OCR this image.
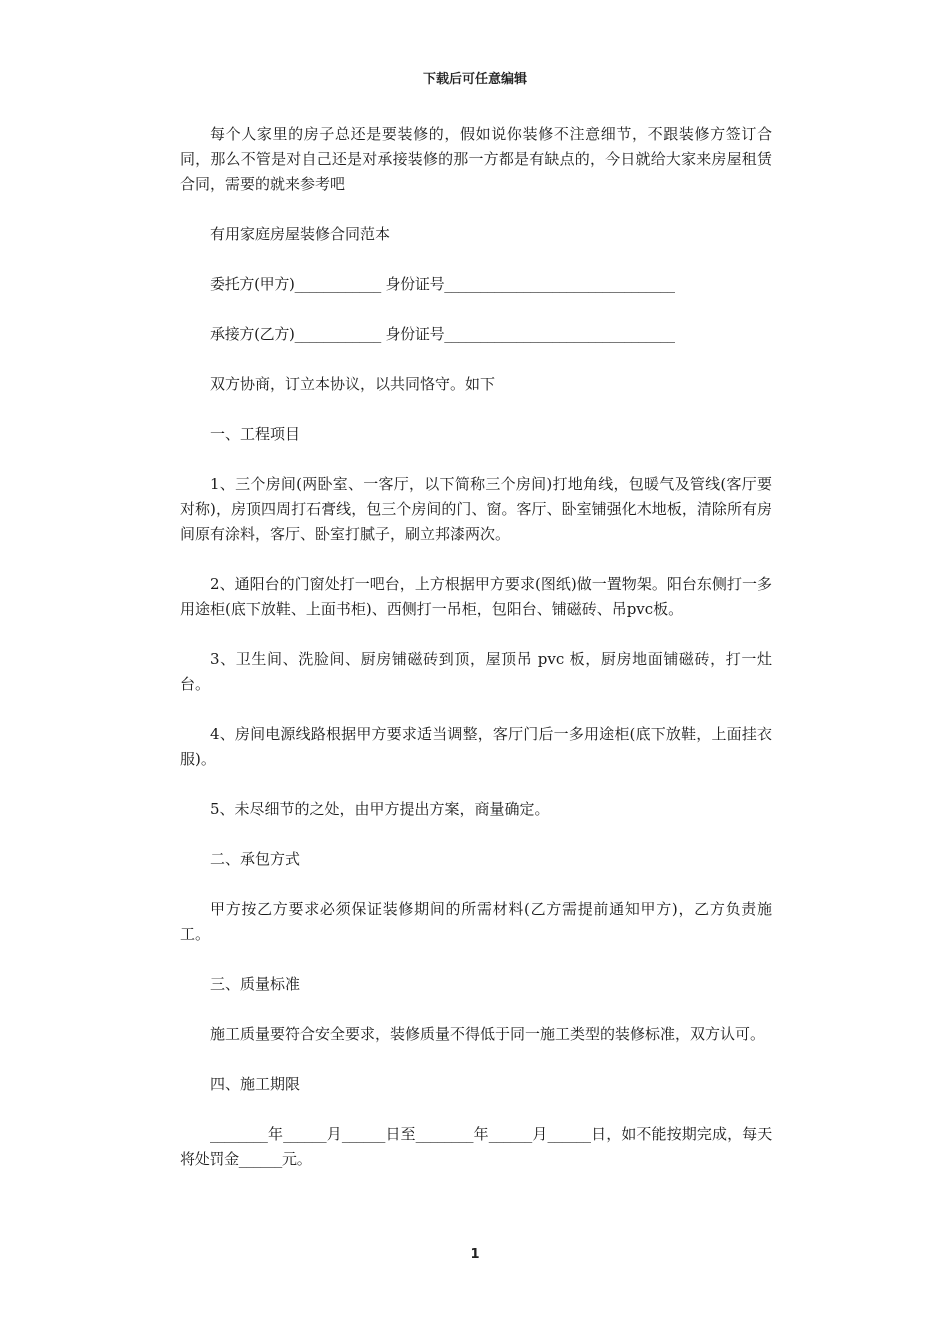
下载后可任意编辑

每个人家里的房子总还是要装修的，假如说你装修不注意细节，不跟装修方签订合同，那么不管是对自己还是对承接装修的那一方都是有缺点的，今日就给大家来房屋租赁合同，需要的就来参考吧

有用家庭房屋装修合同范本

委托方(甲方)____________ 身份证号________________________________

承接方(乙方)____________ 身份证号________________________________

双方协商，订立本协议，以共同恪守。如下

一、工程项目

1、三个房间(两卧室、一客厅，以下简称三个房间)打地角线，包暖气及管线(客厅要对称)，房顶四周打石膏线，包三个房间的门、窗。客厅、卧室铺强化木地板，清除所有房间原有涂料，客厅、卧室打腻子，刷立邦漆两次。

2、通阳台的门窗处打一吧台，上方根据甲方要求(图纸)做一置物架。阳台东侧打一多用途柜(底下放鞋、上面书柜)、西侧打一吊柜，包阳台、铺磁砖、吊pvc板。

3、卫生间、洗脸间、厨房铺磁砖到顶，屋顶吊 pvc 板，厨房地面铺磁砖，打一灶台。

4、房间电源线路根据甲方要求适当调整，客厅门后一多用途柜(底下放鞋，上面挂衣服)。

5、未尽细节的之处，由甲方提出方案，商量确定。

二、承包方式

甲方按乙方要求必须保证装修期间的所需材料(乙方需提前通知甲方)，乙方负责施工。

三、质量标准

施工质量要符合安全要求，装修质量不得低于同一施工类型的装修标准，双方认可。

四、施工期限

________年______月______日至________年______月______日，如不能按期完成，每天将处罚金______元。

1
